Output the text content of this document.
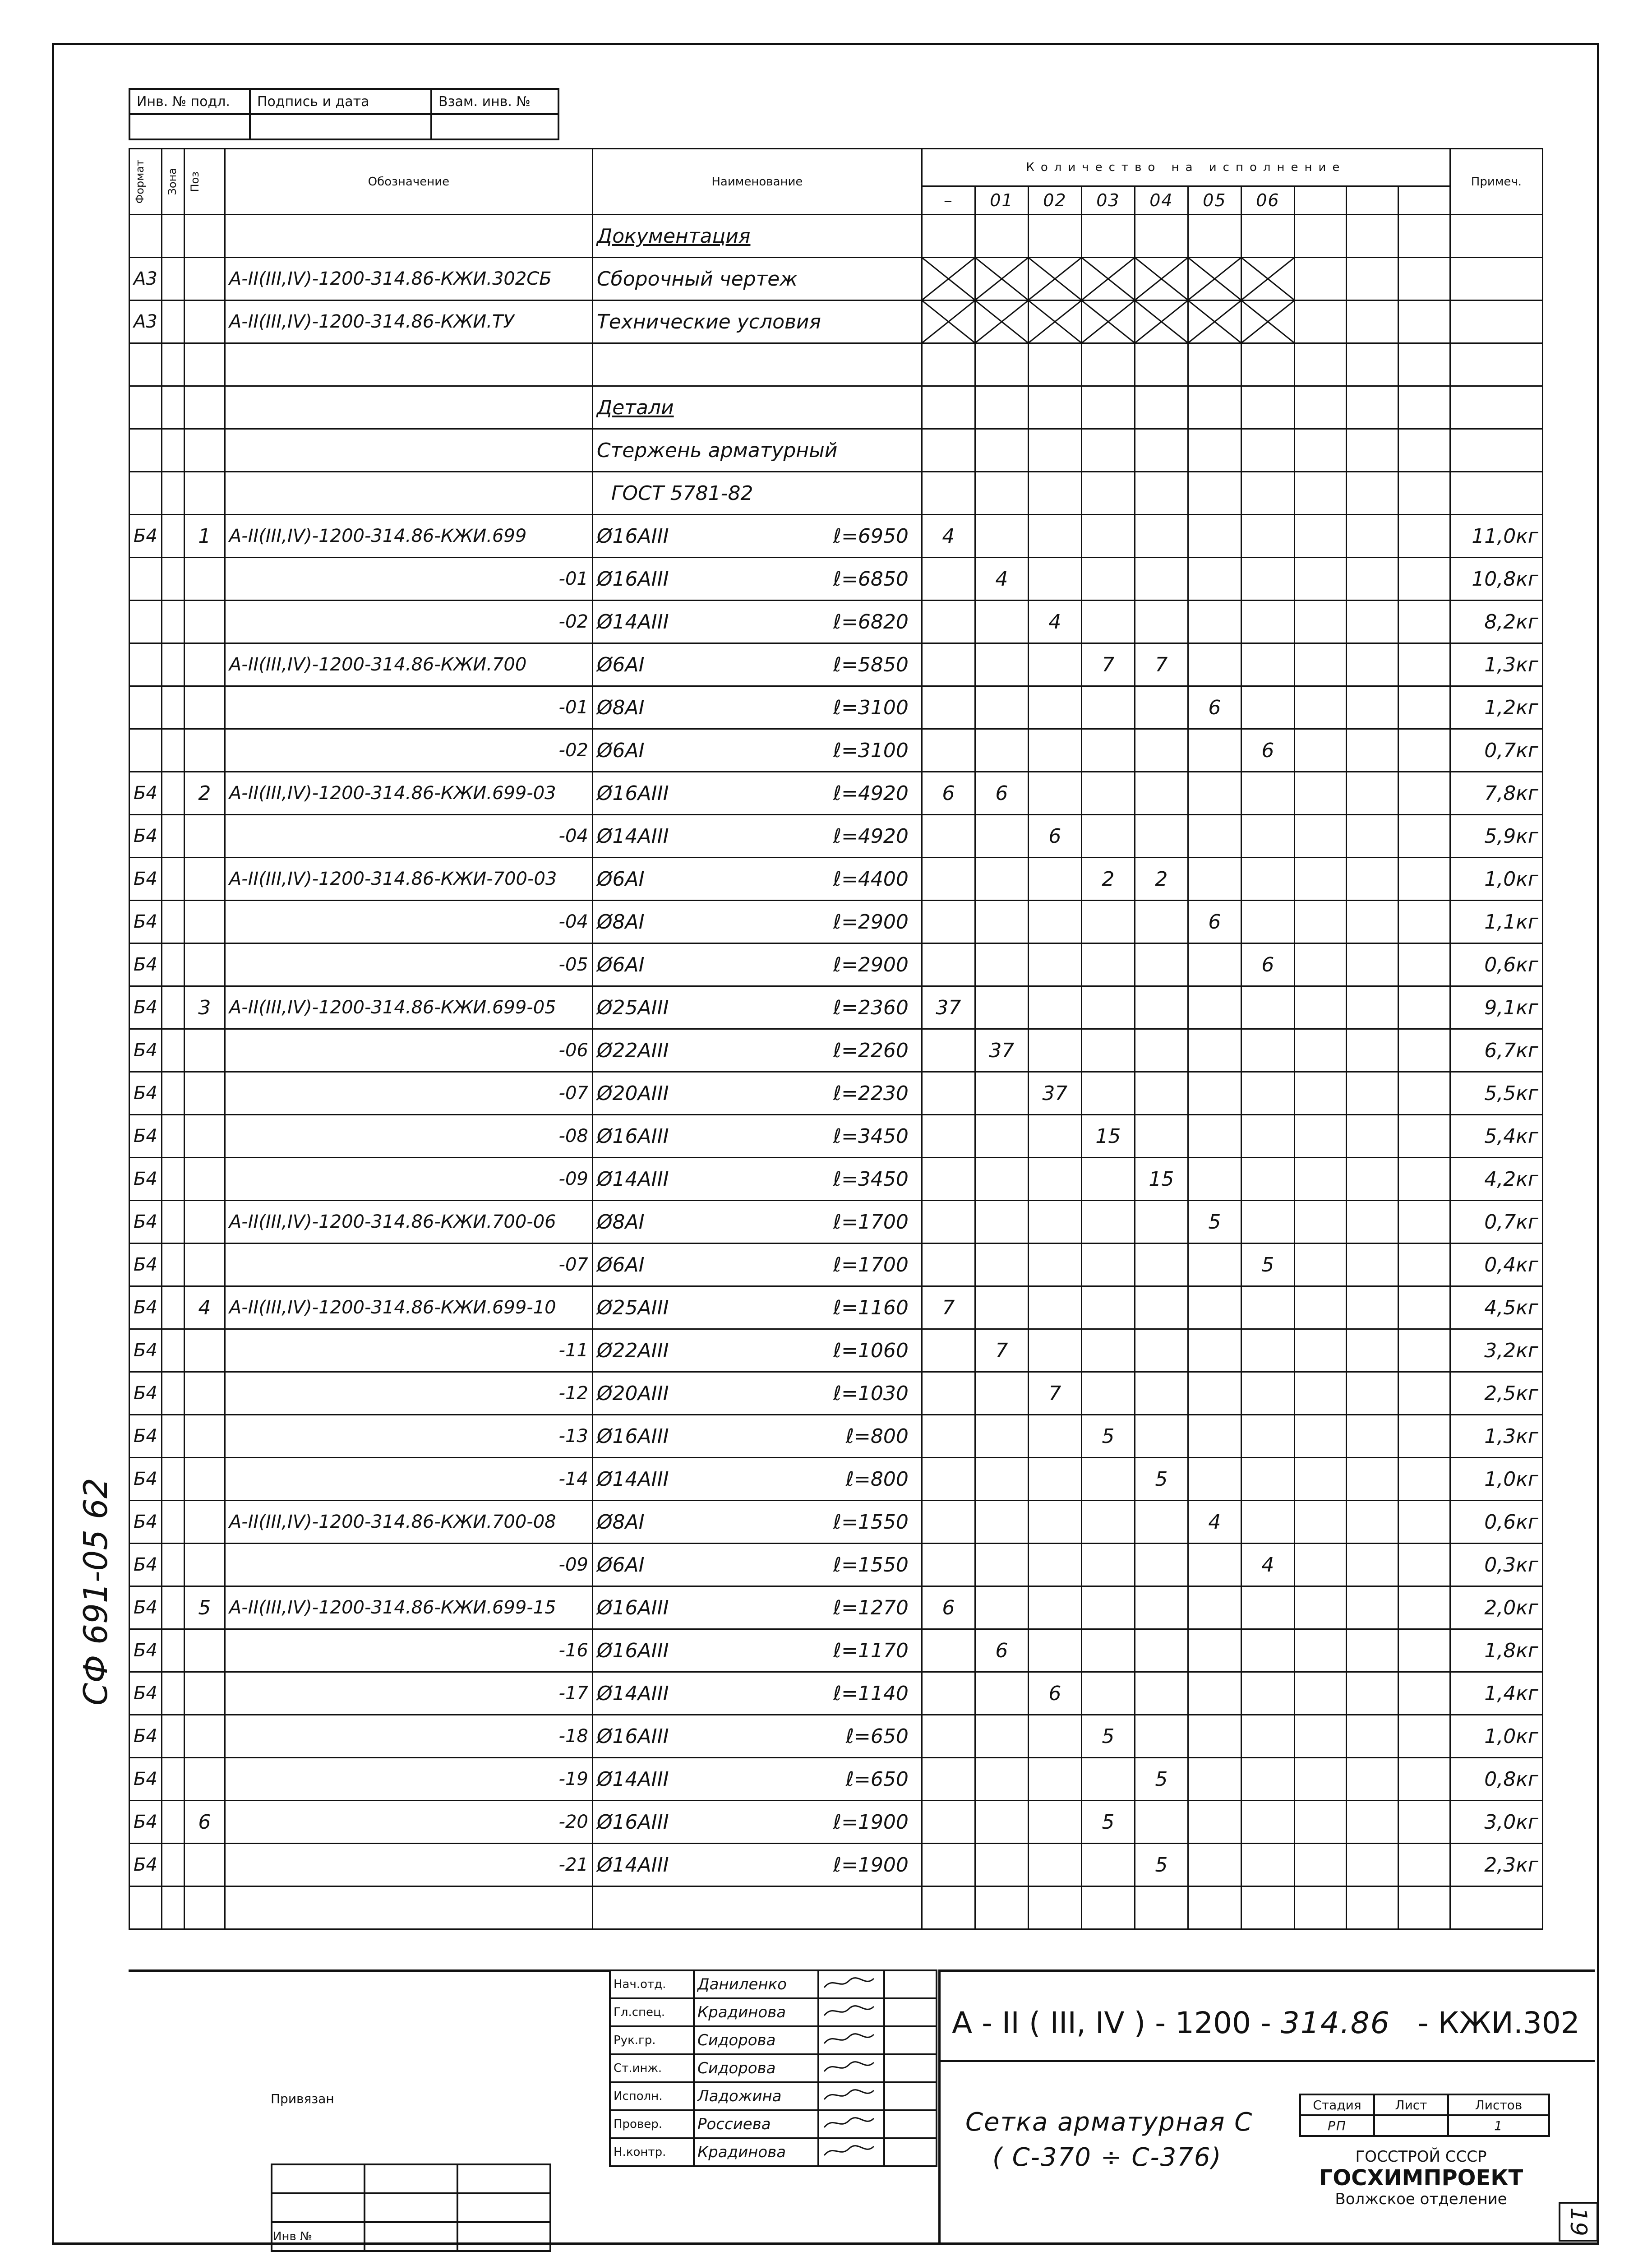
Инв. № подл.	Подпись и дата	Взам. инв. №

Формат	Зона	Поз	Обозначение	Наименование	Количество на исполнение										Примеч.
					–	01	02	03	04	05	06				
				Документация											
А3			А-II(III,IV)-1200-314.86-КЖИ.302СБ	Сборочный чертеж	

А3			А-II(III,IV)-1200-314.86-КЖИ.ТУ	Технические условия	

				Детали											
				Стержень арматурный											
				ГОСТ 5781-82											
Б4		1	А-II(III,IV)-1200-314.86-КЖИ.699	Ø16АIII ℓ=6950	4										11,0кг
			-01	Ø16АIII ℓ=6850		4									10,8кг
			-02	Ø14АIII ℓ=6820			4								8,2кг
			А-II(III,IV)-1200-314.86-КЖИ.700	Ø6АI ℓ=5850				7	7						1,3кг
			-01	Ø8АI ℓ=3100						6					1,2кг
			-02	Ø6АI ℓ=3100							6				0,7кг
Б4		2	А-II(III,IV)-1200-314.86-КЖИ.699-03	Ø16АIII ℓ=4920	6	6									7,8кг
Б4			-04	Ø14АIII ℓ=4920			6								5,9кг
Б4			А-II(III,IV)-1200-314.86-КЖИ-700-03	Ø6АI ℓ=4400				2	2						1,0кг
Б4			-04	Ø8АI ℓ=2900						6					1,1кг
Б4			-05	Ø6АI ℓ=2900							6				0,6кг
Б4		3	А-II(III,IV)-1200-314.86-КЖИ.699-05	Ø25АIII ℓ=2360	37										9,1кг
Б4			-06	Ø22АIII ℓ=2260		37									6,7кг
Б4			-07	Ø20АIII ℓ=2230			37								5,5кг
Б4			-08	Ø16АIII ℓ=3450				15							5,4кг
Б4			-09	Ø14АIII ℓ=3450					15						4,2кг
Б4			А-II(III,IV)-1200-314.86-КЖИ.700-06	Ø8АI ℓ=1700						5					0,7кг
Б4			-07	Ø6АI ℓ=1700							5				0,4кг
Б4		4	А-II(III,IV)-1200-314.86-КЖИ.699-10	Ø25АIII ℓ=1160	7										4,5кг
Б4			-11	Ø22АIII ℓ=1060		7									3,2кг
Б4			-12	Ø20АIII ℓ=1030			7								2,5кг
Б4			-13	Ø16АIII ℓ=800				5							1,3кг
Б4			-14	Ø14АIII ℓ=800					5						1,0кг
Б4			А-II(III,IV)-1200-314.86-КЖИ.700-08	Ø8АI ℓ=1550						4					0,6кг
Б4			-09	Ø6АI ℓ=1550							4				0,3кг
Б4		5	А-II(III,IV)-1200-314.86-КЖИ.699-15	Ø16АIII ℓ=1270	6										2,0кг
Б4			-16	Ø16АIII ℓ=1170		6									1,8кг
Б4			-17	Ø14АIII ℓ=1140			6								1,4кг
Б4			-18	Ø16АIII ℓ=650				5							1,0кг
Б4			-19	Ø14АIII ℓ=650					5						0,8кг
Б4		6	-20	Ø16АIII ℓ=1900				5							3,0кг
Б4			-21	Ø14АIII ℓ=1900					5						2,3кг

Нач.отд.	Даниленко		
Гл.спец.	Крадинова		
Рук.гр.	Сидорова		
Ст.инж.	Сидорова		
Исполн.	Ладожина		
Провер.	Россиева		
Н.контр.	Крадинова		
А - II ( III, IV ) - 1200 - 314.86 - КЖИ.302
Сетка арматурная С
( С-370 ÷ С-376)
Стадия	Лист	Листов
РП		1
ГОССТРОЙ СССР
ГОСХИМПРОЕКТ
Волжское отделение
Привязан

Инв №		
СФ 691-05 62
19
